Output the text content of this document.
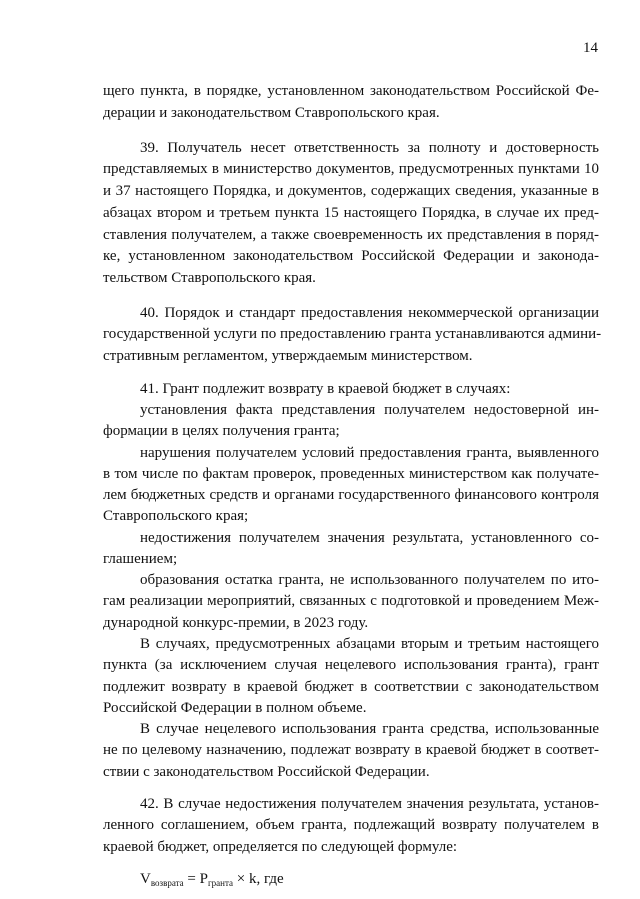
14
щего пункта, в порядке, установленном законодательством Российской Фе-
дерации и законодательством Ставропольского края.
39. Получатель несет ответственность за полноту и достоверность
представляемых в министерство документов, предусмотренных пунктами 10
и 37 настоящего Порядка, и документов, содержащих сведения, указанные в
абзацах втором и третьем пункта 15 настоящего Порядка, в случае их пред-
ставления получателем, а также своевременность их представления в поряд-
ке, установленном законодательством Российской Федерации и законода-
тельством Ставропольского края.
40. Порядок и стандарт предоставления некоммерческой организации
государственной услуги по предоставлению гранта устанавливаются админи-
стративным регламентом, утверждаемым министерством.
41. Грант подлежит возврату в краевой бюджет в случаях:
установления факта представления получателем недостоверной ин-
формации в целях получения гранта;
нарушения получателем условий предоставления гранта, выявленного
в том числе по фактам проверок, проведенных министерством как получате-
лем бюджетных средств и органами государственного финансового контроля
Ставропольского края;
недостижения получателем значения результата, установленного со-
глашением;
образования остатка гранта, не использованного получателем по ито-
гам реализации мероприятий, связанных с подготовкой и проведением Меж-
дународной конкурс-премии, в 2023 году.
В случаях, предусмотренных абзацами вторым и третьим настоящего
пункта (за исключением случая нецелевого использования гранта), грант
подлежит возврату в краевой бюджет в соответствии с законодательством
Российской Федерации в полном объеме.
В случае нецелевого использования гранта средства, использованные
не по целевому назначению, подлежат возврату в краевой бюджет в соответ-
ствии с законодательством Российской Федерации.
42. В случае недостижения получателем значения результата, установ-
ленного соглашением, объем гранта, подлежащий возврату получателем в
краевой бюджет, определяется по следующей формуле:
$V_{возврата} = P_{гранта} \times k$, где
